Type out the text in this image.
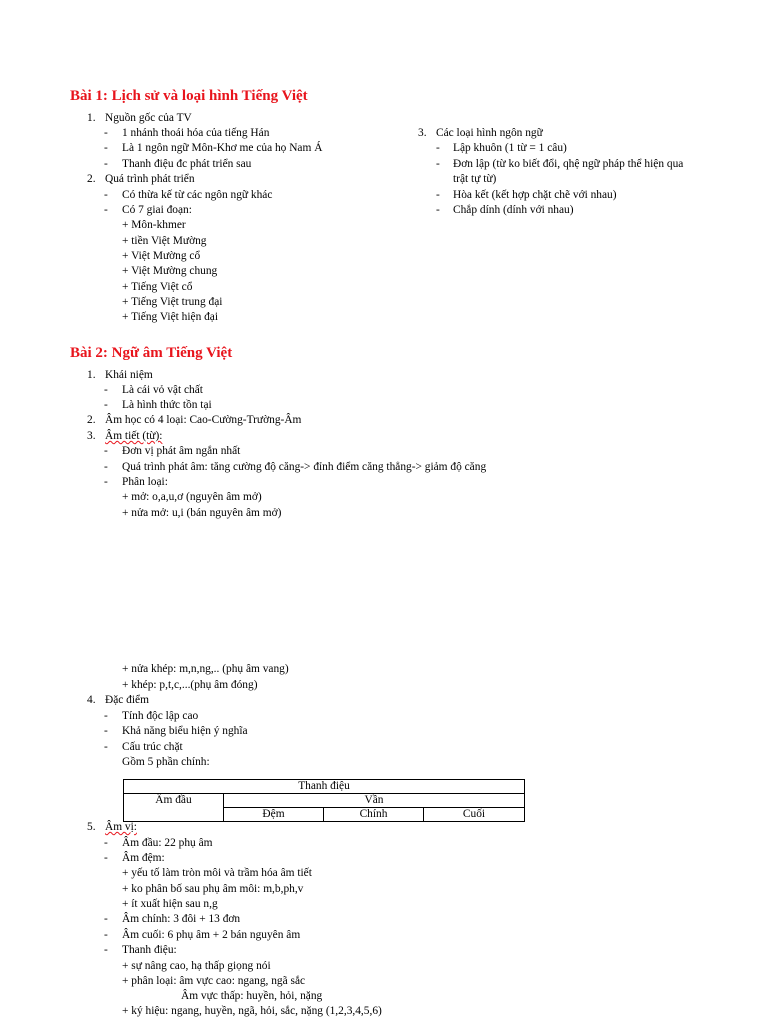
Bài 1: Lịch sử và loại hình Tiếng Việt
1. Nguồn gốc của TV
- 1 nhánh thoái hóa của tiếng Hán
- Là 1 ngôn ngữ Môn-Khơ me của họ Nam Á
- Thanh điệu đc phát triển sau
2. Quá trình phát triển
- Có thừa kế từ các ngôn ngữ khác
- Có 7 giai đoạn:
+ Môn-khmer
+ tiền Việt Mường
+ Việt Mường cổ
+ Việt Mường chung
+ Tiếng Việt cổ
+ Tiếng Việt trung đại
+ Tiếng Việt hiện đại
3. Các loại hình ngôn ngữ
- Lập khuôn (1 từ = 1 câu)
- Đơn lập (từ ko biết đổi, qhệ ngữ pháp thể hiện qua
trật tự từ)
- Hòa kết (kết hợp chặt chẽ với nhau)
- Chắp dính (dính với nhau)
Bài 2: Ngữ âm Tiếng Việt
1. Khái niệm
- Là cái vỏ vật chất
- Là hình thức tồn tại
2. Âm học có 4 loại: Cao-Cường-Trường-Âm
3. Âm tiết (từ):
- Đơn vị phát âm ngắn nhất
- Quá trình phát âm: tăng cường độ căng-> đỉnh điểm căng thẳng-> giảm độ căng
- Phân loại:
+ mở: o,a,u,ơ (nguyên âm mở)
+ nửa mở: u,i (bán nguyên âm mở)
+ nửa khép: m,n,ng,.. (phụ âm vang)
+ khép: p,t,c,...(phụ âm đóng)
4. Đặc điểm
- Tính độc lập cao
- Khả năng biểu hiện ý nghĩa
- Cấu trúc chặt
Gồm 5 phần chính:
Thanh điệu			
Âm đầu	Vần		
	Đệm	Chính	Cuối
5. Âm vị:
- Âm đầu: 22 phụ âm
- Âm đệm:
+ yếu tố làm tròn môi và trầm hóa âm tiết
+ ko phân bố sau phụ âm môi: m,b,ph,v
+ ít xuất hiện sau n,g
- Âm chính: 3 đôi + 13 đơn
- Âm cuối: 6 phụ âm + 2 bán nguyên âm
- Thanh điệu:
+ sự nâng cao, hạ thấp giọng nói
+ phân loại: âm vực cao: ngang, ngã sắc
Âm vực thấp: huyền, hỏi, nặng
+ ký hiệu: ngang, huyền, ngã, hỏi, sắc, nặng (1,2,3,4,5,6)
